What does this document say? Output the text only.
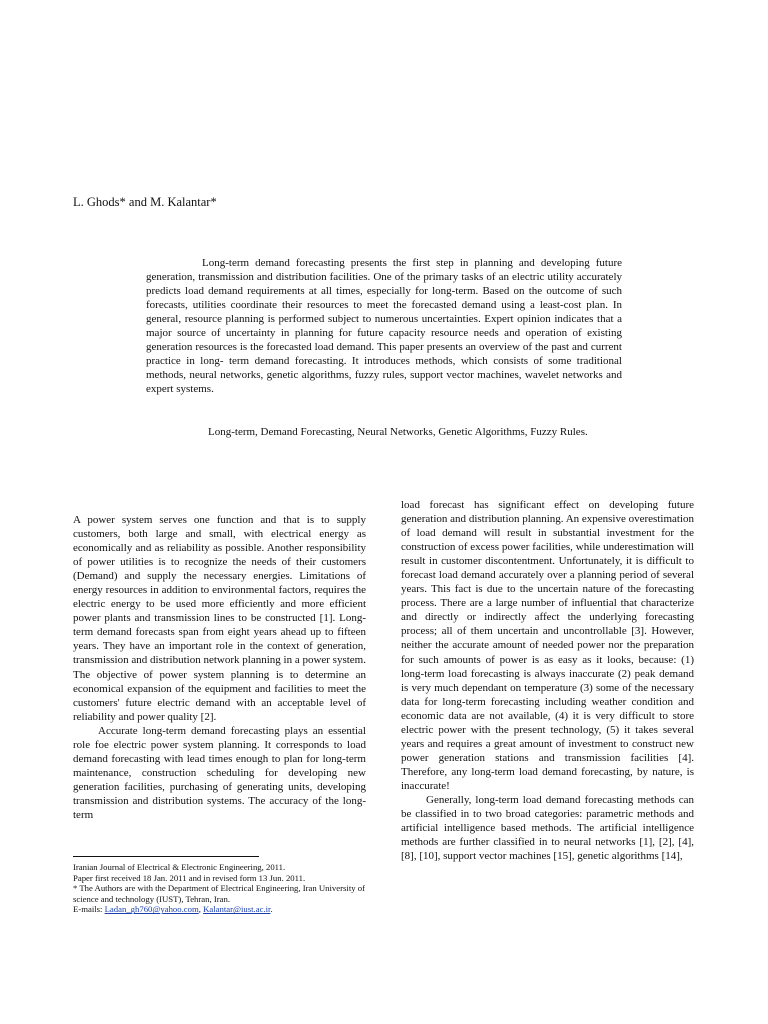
L. Ghods* and M. Kalantar*
Long-term demand forecasting presents the first step in planning and developing future generation, transmission and distribution facilities. One of the primary tasks of an electric utility accurately predicts load demand requirements at all times, especially for long-term. Based on the outcome of such forecasts, utilities coordinate their resources to meet the forecasted demand using a least-cost plan. In general, resource planning is performed subject to numerous uncertainties. Expert opinion indicates that a major source of uncertainty in planning for future capacity resource needs and operation of existing generation resources is the forecasted load demand. This paper presents an overview of the past and current practice in long- term demand forecasting. It introduces methods, which consists of some traditional methods, neural networks, genetic algorithms, fuzzy rules, support vector machines, wavelet networks and expert systems.
Long-term, Demand Forecasting, Neural Networks, Genetic Algorithms, Fuzzy Rules.

A power system serves one function and that is to supply customers, both large and small, with electrical energy as economically and as reliability as possible. Another responsibility of power utilities is to recognize the needs of their customers (Demand) and supply the necessary energies. Limitations of energy resources in addition to environmental factors, requires the electric energy to be used more efficiently and more efficient power plants and transmission lines to be constructed [1]. Long-term demand forecasts span from eight years ahead up to fifteen years. They have an important role in the context of generation, transmission and distribution network planning in a power system. The objective of power system planning is to determine an economical expansion of the equipment and facilities to meet the customers' future electric demand with an acceptable level of reliability and power quality [2].

Accurate long-term demand forecasting plays an essential role foe electric power system planning. It corresponds to load demand forecasting with lead times enough to plan for long-term maintenance, construction scheduling for developing new generation facilities, purchasing of generating units, developing transmission and distribution systems. The accuracy of the long-term

load forecast has significant effect on developing future generation and distribution planning. An expensive overestimation of load demand will result in substantial investment for the construction of excess power facilities, while underestimation will result in customer discontentment. Unfortunately, it is difficult to forecast load demand accurately over a planning period of several years. This fact is due to the uncertain nature of the forecasting process. There are a large number of influential that characterize and directly or indirectly affect the underlying forecasting process; all of them uncertain and uncontrollable [3]. However, neither the accurate amount of needed power nor the preparation for such amounts of power is as easy as it looks, because: (1) long-term load forecasting is always inaccurate (2) peak demand is very much dependant on temperature (3) some of the necessary data for long-term forecasting including weather condition and economic data are not available, (4) it is very difficult to store electric power with the present technology, (5) it takes several years and requires a great amount of investment to construct new power generation stations and transmission facilities [4]. Therefore, any long-term load demand forecasting, by nature, is inaccurate!

Generally, long-term load demand forecasting methods can be classified in to two broad categories: parametric methods and artificial intelligence based methods. The artificial intelligence methods are further classified in to neural networks [1], [2], [4], [8], [10], support vector machines [15], genetic algorithms [14],

Iranian Journal of Electrical & Electronic Engineering, 2011.
Paper first received 18 Jan. 2011 and in revised form 13 Jun. 2011.
* The Authors are with the Department of Electrical Engineering, Iran University of science and technology (IUST), Tehran, Iran.
E-mails: Ladan_gh760@yahoo.com, Kalantar@iust.ac.ir.
